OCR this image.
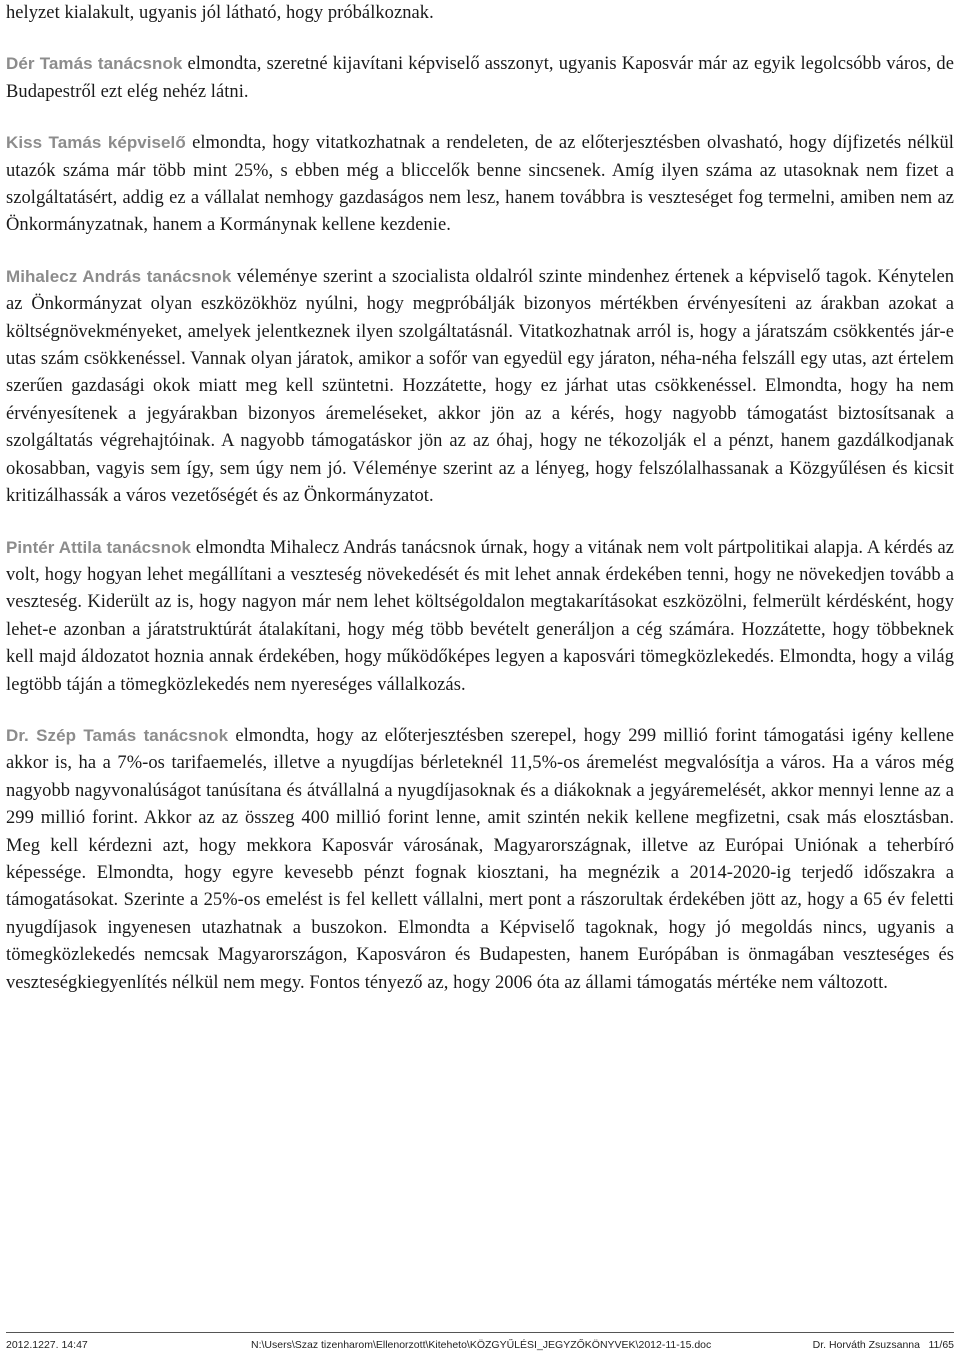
helyzet kialakult, ugyanis jól látható, hogy próbálkoznak.

Dér Tamás tanácsnok elmondta, szeretné kijavítani képviselő asszonyt, ugyanis Kaposvár már az egyik legolcsóbb város, de Budapestről ezt elég nehéz látni.

Kiss Tamás képviselő elmondta, hogy vitatkozhatnak a rendeleten, de az előterjesztésben olvasható, hogy díjfizetés nélkül utazók száma már több mint 25%, s ebben még a bliccelők benne sincsenek. Amíg ilyen száma az utasoknak nem fizet a szolgáltatásért, addig ez a vállalat nemhogy gazdaságos nem lesz, hanem továbbra is veszteséget fog termelni, amiben nem az Önkormányzatnak, hanem a Kormánynak kellene kezdenie.

Mihalecz András tanácsnok véleménye szerint a szocialista oldalról szinte mindenhez értenek a képviselő tagok. Kénytelen az Önkormányzat olyan eszközökhöz nyúlni, hogy megpróbálják bizonyos mértékben érvényesíteni az árakban azokat a költségnövekményeket, amelyek jelentkeznek ilyen szolgáltatásnál. Vitatkozhatnak arról is, hogy a járatszám csökkentés jár-e utas szám csökkenéssel. Vannak olyan járatok, amikor a sofőr van egyedül egy járaton, néha-néha felszáll egy utas, azt értelem szerűen gazdasági okok miatt meg kell szüntetni. Hozzátette, hogy ez járhat utas csökkenéssel. Elmondta, hogy ha nem érvényesítenek a jegyárakban bizonyos áremeléseket, akkor jön az a kérés, hogy nagyobb támogatást biztosítsanak a szolgáltatás végrehajtóinak. A nagyobb támogatáskor jön az az óhaj, hogy ne tékozolják el a pénzt, hanem gazdálkodjanak okosabban, vagyis sem így, sem úgy nem jó. Véleménye szerint az a lényeg, hogy felszólalhassanak a Közgyűlésen és kicsit kritizálhassák a város vezetőségét és az Önkormányzatot.

Pintér Attila tanácsnok elmondta Mihalecz András tanácsnok úrnak, hogy a vitának nem volt pártpolitikai alapja. A kérdés az volt, hogy hogyan lehet megállítani a veszteség növekedését és mit lehet annak érdekében tenni, hogy ne növekedjen tovább a veszteség. Kiderült az is, hogy nagyon már nem lehet költségoldalon megtakarításokat eszközölni, felmerült kérdésként, hogy lehet-e azonban a járatstruktúrát átalakítani, hogy még több bevételt generáljon a cég számára. Hozzátette, hogy többeknek kell majd áldozatot hoznia annak érdekében, hogy működőképes legyen a kaposvári tömegközlekedés. Elmondta, hogy a világ legtöbb táján a tömegközlekedés nem nyereséges vállalkozás.

Dr. Szép Tamás tanácsnok elmondta, hogy az előterjesztésben szerepel, hogy 299 millió forint támogatási igény kellene akkor is, ha a 7%-os tarifaemelés, illetve a nyugdíjas bérleteknél 11,5%-os áremelést megvalósítja a város. Ha a város még nagyobb nagyvonalúságot tanúsítana és átvállalná a nyugdíjasoknak és a diákoknak a jegyáremelését, akkor mennyi lenne az a 299 millió forint. Akkor az az összeg 400 millió forint lenne, amit szintén nekik kellene megfizetni, csak más elosztásban. Meg kell kérdezni azt, hogy mekkora Kaposvár városának, Magyarországnak, illetve az Európai Uniónak a teherbíró képessége. Elmondta, hogy egyre kevesebb pénzt fognak kiosztani, ha megnézik a 2014-2020-ig terjedő időszakra a támogatásokat. Szerinte a 25%-os emelést is fel kellett vállalni, mert pont a rászorultak érdekében jött az, hogy a 65 év feletti nyugdíjasok ingyenesen utazhatnak a buszokon. Elmondta a Képviselő tagoknak, hogy jó megoldás nincs, ugyanis a tömegközlekedés nemcsak Magyarországon, Kaposváron és Budapesten, hanem Európában is önmagában veszteséges és veszteségkiegyenlítés nélkül nem megy. Fontos tényező az, hogy 2006 óta az állami támogatás mértéke nem változott.

2012.1227. 14:47	N:\Users\Szaz tizenharom\Ellenorzott\Kiteheto\KÖZGYŰLÉSI_JEGYZŐKÖNYVEK\2012-11-15.doc	Dr. Horváth Zsuzsanna 11/65
